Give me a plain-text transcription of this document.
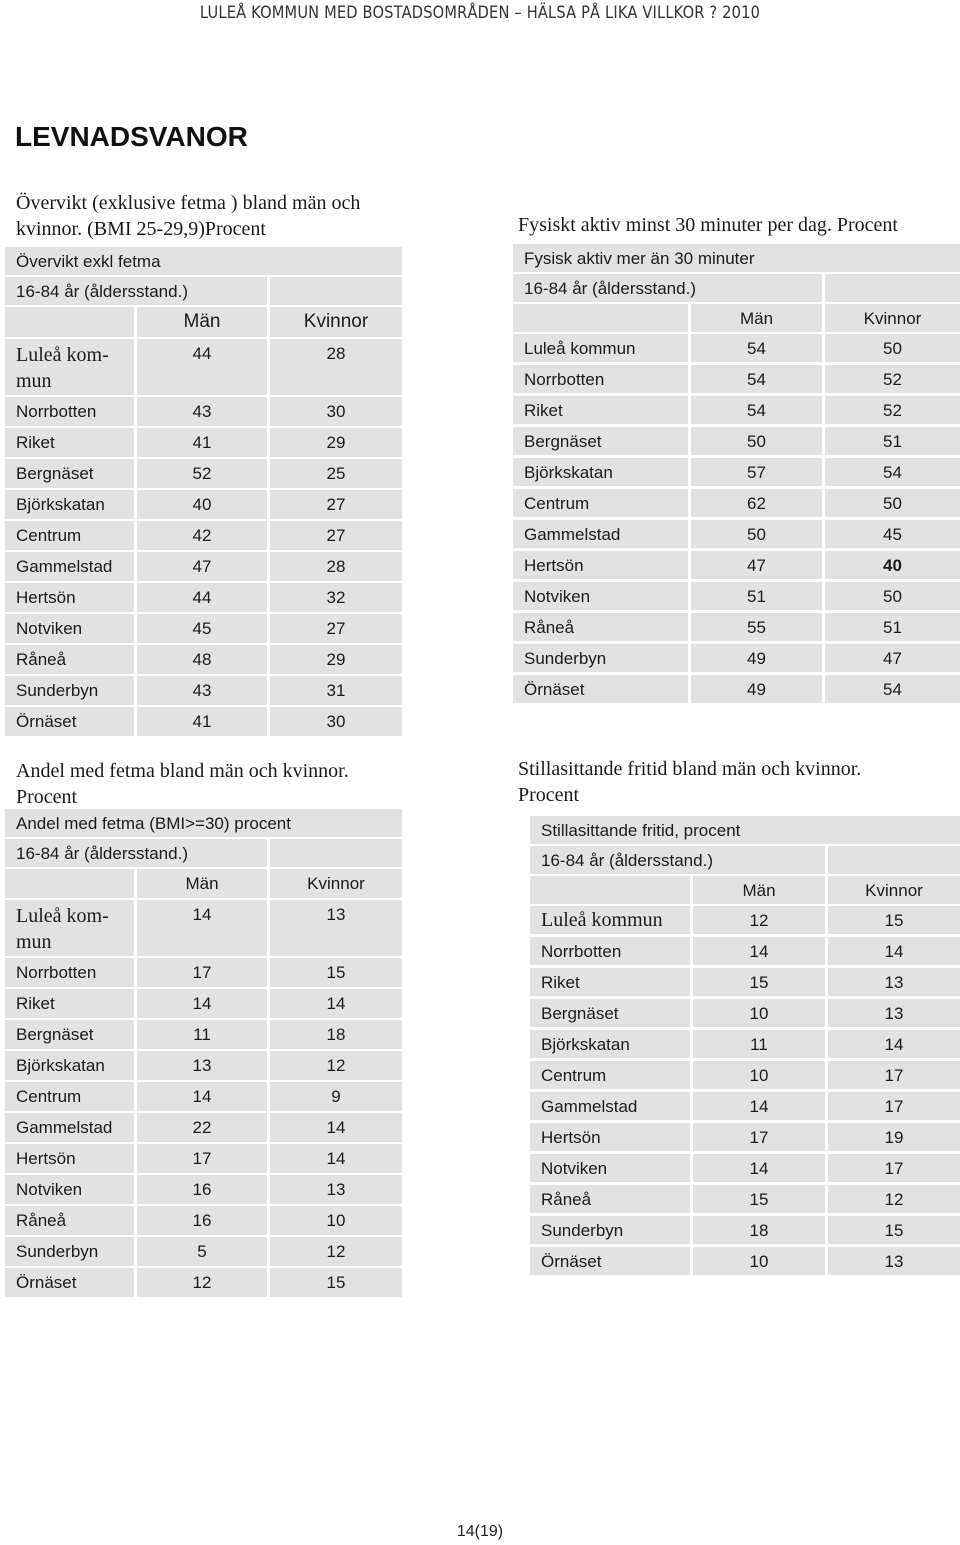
LULEÅ KOMMUN MED BOSTADSOMRÅDEN – HÄLSA PÅ LIKA VILLKOR ? 2010
LEVNADSVANOR
Övervikt (exklusive fetma ) bland män och
kvinnor. (BMI 25-29,9)Procent
Övervikt exkl fetma
16-84 år (åldersstand.)
Män	Kvinnor
Luleå kom-
mun
44	28
Norrbotten	43	30
Riket	41	29
Bergnäset	52	25
Björkskatan	40	27
Centrum	42	27
Gammelstad	47	28
Hertsön	44	32
Notviken	45	27
Råneå	48	29
Sunderbyn	43	31
Örnäset	41	30
Fysiskt aktiv minst 30 minuter per dag. Procent
Fysisk aktiv mer än 30 minuter
16-84 år (åldersstand.)
Män	Kvinnor
Luleå kommun	54	50
Norrbotten	54	52
Riket	54	52
Bergnäset	50	51
Björkskatan	57	54
Centrum	62	50
Gammelstad	50	45
Hertsön	47	40
Notviken	51	50
Råneå	55	51
Sunderbyn	49	47
Örnäset	49	54
Andel med fetma bland män och kvinnor.
Procent
Andel med fetma (BMI>=30) procent
16-84 år (åldersstand.)
Män	Kvinnor
Luleå kom-
mun
14	13
Norrbotten	17	15
Riket	14	14
Bergnäset	11	18
Björkskatan	13	12
Centrum	14	9
Gammelstad	22	14
Hertsön	17	14
Notviken	16	13
Råneå	16	10
Sunderbyn	5	12
Örnäset	12	15
Stillasittande fritid bland män och kvinnor.
Procent
Stillasittande fritid, procent
16-84 år (åldersstand.)
Män	Kvinnor
Luleå kommun	12	15
Norrbotten	14	14
Riket	15	13
Bergnäset	10	13
Björkskatan	11	14
Centrum	10	17
Gammelstad	14	17
Hertsön	17	19
Notviken	14	17
Råneå	15	12
Sunderbyn	18	15
Örnäset	10	13
14(19)
